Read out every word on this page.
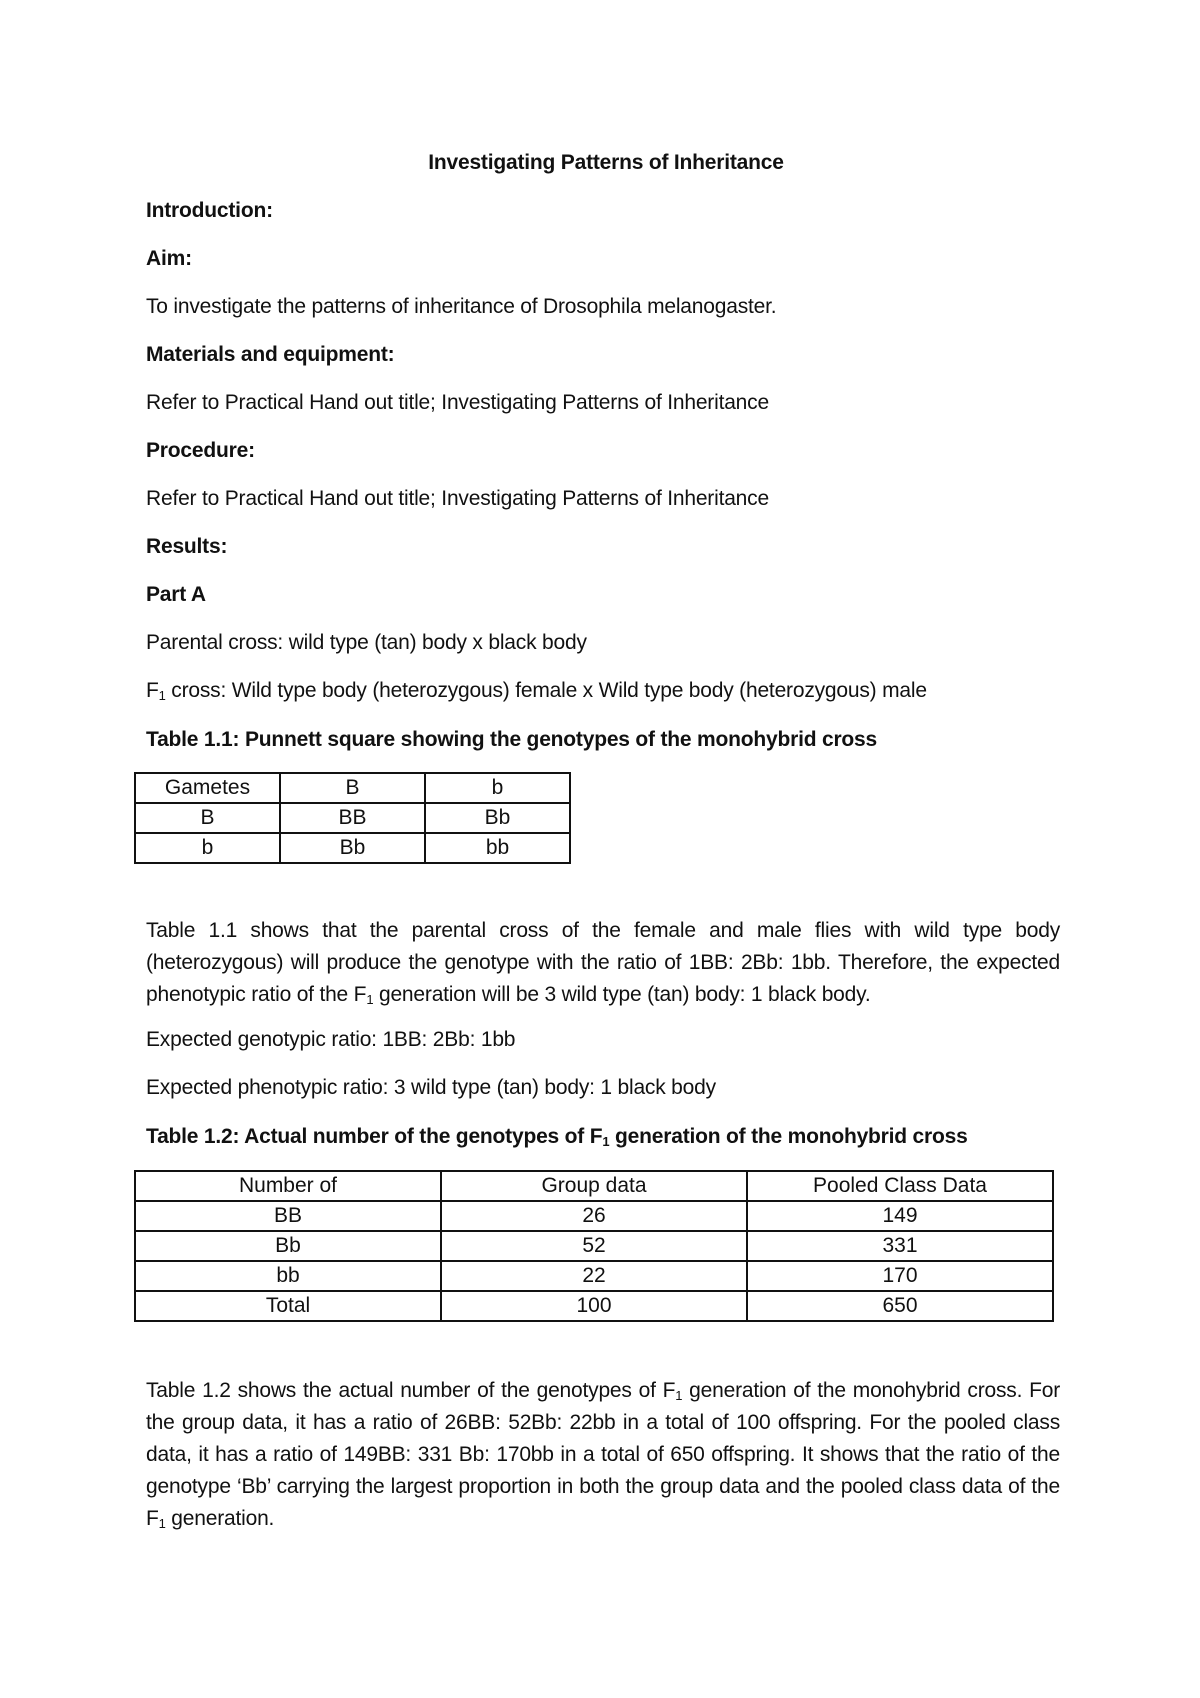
Investigating Patterns of Inheritance
Introduction:
Aim:
To investigate the patterns of inheritance of Drosophila melanogaster.
Materials and equipment:
Refer to Practical Hand out title; Investigating Patterns of Inheritance
Procedure:
Refer to Practical Hand out title; Investigating Patterns of Inheritance
Results:
Part A
Parental cross: wild type (tan) body x black body
$F_1$ cross: Wild type body (heterozygous) female x Wild type body (heterozygous) male
Table 1.1: Punnett square showing the genotypes of the monohybrid cross
Gametes	B	b
B	BB	Bb
b	Bb	bb
Table 1.1 shows that the parental cross of the female and male flies with wild type body (heterozygous) will produce the genotype with the ratio of 1BB: 2Bb: 1bb. Therefore, the expected phenotypic ratio of the $F_1$ generation will be 3 wild type (tan) body: 1 black body.
Expected genotypic ratio: 1BB: 2Bb: 1bb
Expected phenotypic ratio: 3 wild type (tan) body: 1 black body
Table 1.2: Actual number of the genotypes of $F_1$ generation of the monohybrid cross
Number of	Group data	Pooled Class Data
BB	26	149
Bb	52	331
bb	22	170
Total	100	650
Table 1.2 shows the actual number of the genotypes of $F_1$ generation of the monohybrid cross. For the group data, it has a ratio of 26BB: 52Bb: 22bb in a total of 100 offspring. For the pooled class data, it has a ratio of 149BB: 331 Bb: 170bb in a total of 650 offspring. It shows that the ratio of the genotype ‘Bb’ carrying the largest proportion in both the group data and the pooled class data of the $F_1$ generation.
